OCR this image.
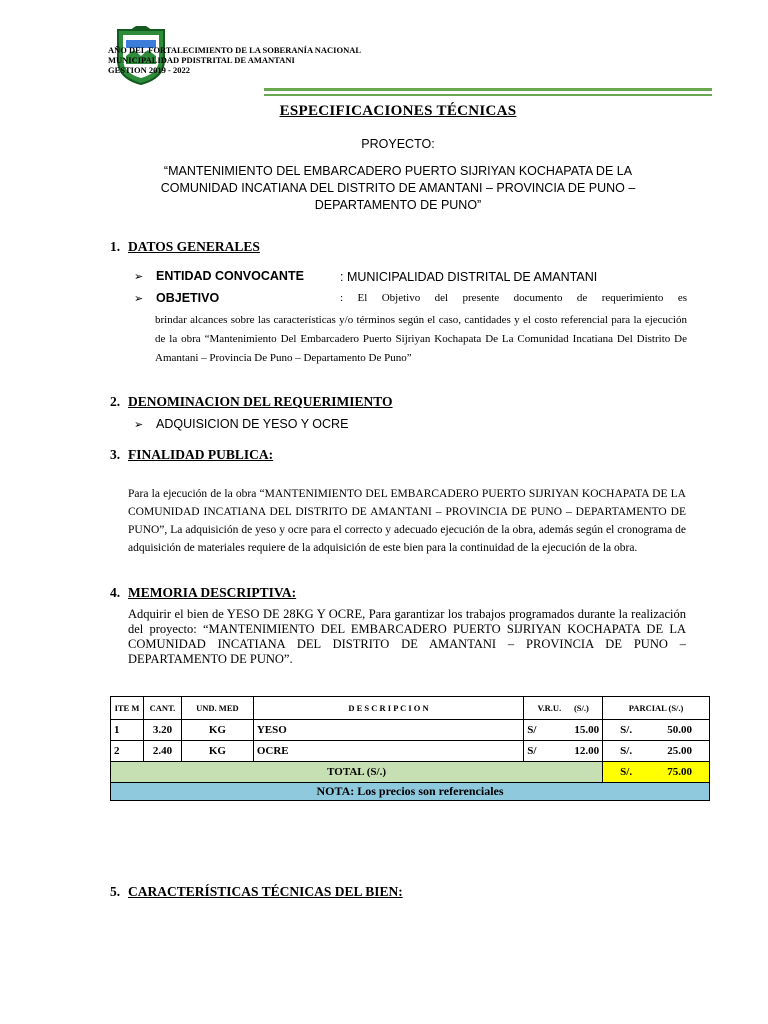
AÑO DEL FORTALECIMIENTO DE LA SOBERANÍA NACIONAL
MUNICIPALIDAD PDISTRITAL DE AMANTANI
GESTION 2019 - 2022
ESPECIFICACIONES TÉCNICAS
PROYECTO:
“MANTENIMIENTO DEL EMBARCADERO PUERTO SIJRIYAN KOCHAPATA DE LA
COMUNIDAD INCATIANA DEL DISTRITO DE AMANTANI – PROVINCIA DE PUNO –
DEPARTAMENTO DE PUNO”
1. DATOS GENERALES
➢ ENTIDAD CONVOCANTE	: MUNICIPALIDAD DISTRITAL DE AMANTANI
➢ OBJETIVO	: El Objetivo del presente documento de requerimiento es
brindar alcances sobre las características y/o términos según el caso, cantidades y el costo referencial para la ejecución de la obra “Mantenimiento Del Embarcadero Puerto Sijriyan Kochapata De La Comunidad Incatiana Del Distrito De Amantani – Provincia De Puno – Departamento De Puno”
2. DENOMINACION DEL REQUERIMIENTO
➢ ADQUISICION DE YESO Y OCRE
3. FINALIDAD PUBLICA:
Para la ejecución de la obra “MANTENIMIENTO DEL EMBARCADERO PUERTO SIJRIYAN KOCHAPATA DE LA COMUNIDAD INCATIANA DEL DISTRITO DE AMANTANI – PROVINCIA DE PUNO – DEPARTAMENTO DE PUNO”, La adquisición de yeso y ocre para el correcto y adecuado ejecución de la obra, además según el cronograma de adquisición de materiales requiere de la adquisición de este bien para la continuidad de la ejecución de la obra.
4. MEMORIA DESCRIPTIVA:
Adquirir el bien de YESO DE 28KG Y OCRE, Para garantizar los trabajos programados durante la realización del proyecto: “MANTENIMIENTO DEL EMBARCADERO PUERTO SIJRIYAN KOCHAPATA DE LA COMUNIDAD INCATIANA DEL DISTRITO DE AMANTANI – PROVINCIA DE PUNO – DEPARTAMENTO DE PUNO”.
ITE M	CANT.	UND. MED	D E S C R I P C I O N	V.R.U.      (S/.)	PARCIAL (S/.)
1	3.20	KG	YESO	S/ 15.00	S/. 50.00

2	2.40	KG	OCRE	S/ 12.00	S/. 25.00

TOTAL (S/.)					S/. 75.00

NOTA: Los precios son referenciales					
5. CARACTERÍSTICAS TÉCNICAS DEL BIEN:
